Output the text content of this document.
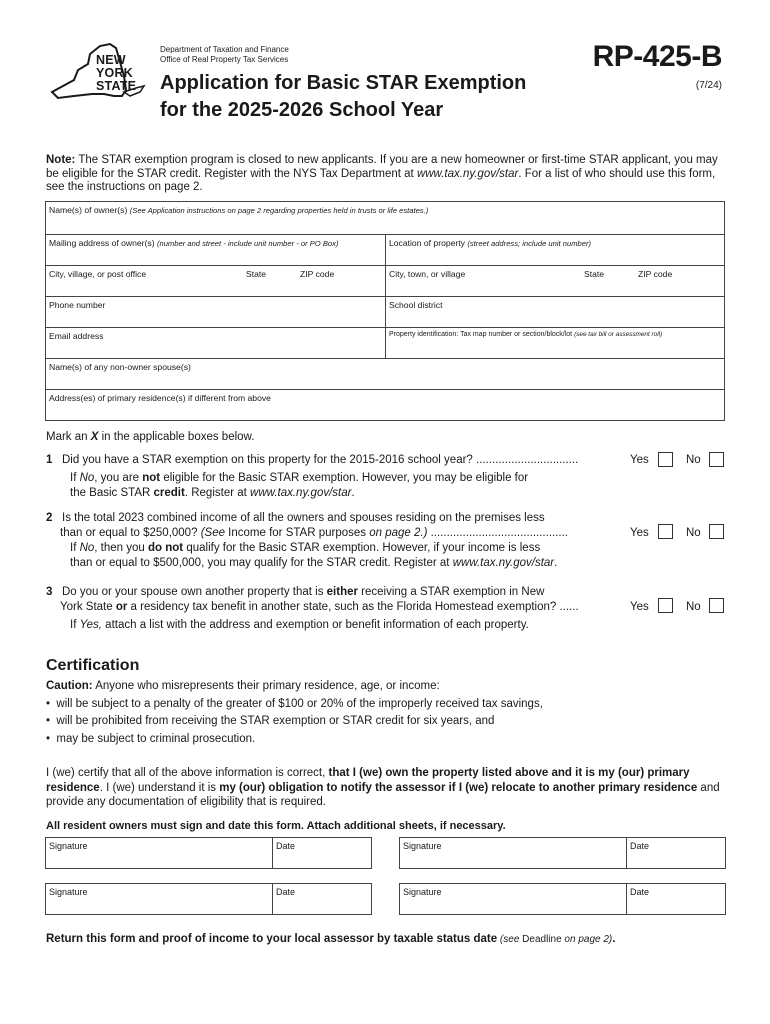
NEW
YORK
STATE
Department of Taxation and Finance
Office of Real Property Tax Services
Application for Basic STAR Exemption
for the 2025-2026 School Year
RP-425-B
(7/24)
Note: The STAR exemption program is closed to new applicants. If you are a new homeowner or first-time STAR applicant, you may be eligible for the STAR credit. Register with the NYS Tax Department at www.tax.ny.gov/star. For a list of who should use this form, see the instructions on page 2.
Name(s) of owner(s) (See Application instructions on page 2 regarding properties held in trusts or life estates.)
Mailing address of owner(s) (number and street - include unit number - or PO Box)	Location of property (street address; include unit number)
City, village, or post office	State	ZIP code	City, town, or village	State	ZIP code
Phone number	School district
Email address	Property identification: Tax map number or section/block/lot (see tax bill or assessment roll)
Name(s) of any non-owner spouse(s)
Address(es) of primary residence(s) if different from above
Mark an X in the applicable boxes below.
1 Did you have a STAR exemption on this property for the 2015-2016 school year? ................................
If No, you are not eligible for the Basic STAR exemption. However, you may be eligible for
the Basic STAR credit. Register at www.tax.ny.gov/star.
Yes	No
2 Is the total 2023 combined income of all the owners and spouses residing on the premises less
than or equal to $250,000? (See Income for STAR purposes on page 2.) ...........................................
If No, then you do not qualify for the Basic STAR exemption. However, if your income is less
than or equal to $500,000, you may qualify for the STAR credit. Register at www.tax.ny.gov/star.
Yes	No
3 Do you or your spouse own another property that is either receiving a STAR exemption in New
York State or a residency tax benefit in another state, such as the Florida Homestead exemption? ......
If Yes, attach a list with the address and exemption or benefit information of each property.
Yes	No
Certification
Caution: Anyone who misrepresents their primary residence, age, or income:
•  will be subject to a penalty of the greater of $100 or 20% of the improperly received tax savings,
•  will be prohibited from receiving the STAR exemption or STAR credit for six years, and
•  may be subject to criminal prosecution.
I (we) certify that all of the above information is correct, that I (we) own the property listed above and it is my (our) primary residence. I (we) understand it is my (our) obligation to notify the assessor if I (we) relocate to another primary residence and provide any documentation of eligibility that is required.
All resident owners must sign and date this form. Attach additional sheets, if necessary.
Signature	Date	Signature	Date
Signature	Date	Signature	Date
Return this form and proof of income to your local assessor by taxable status date (see Deadline on page 2).
